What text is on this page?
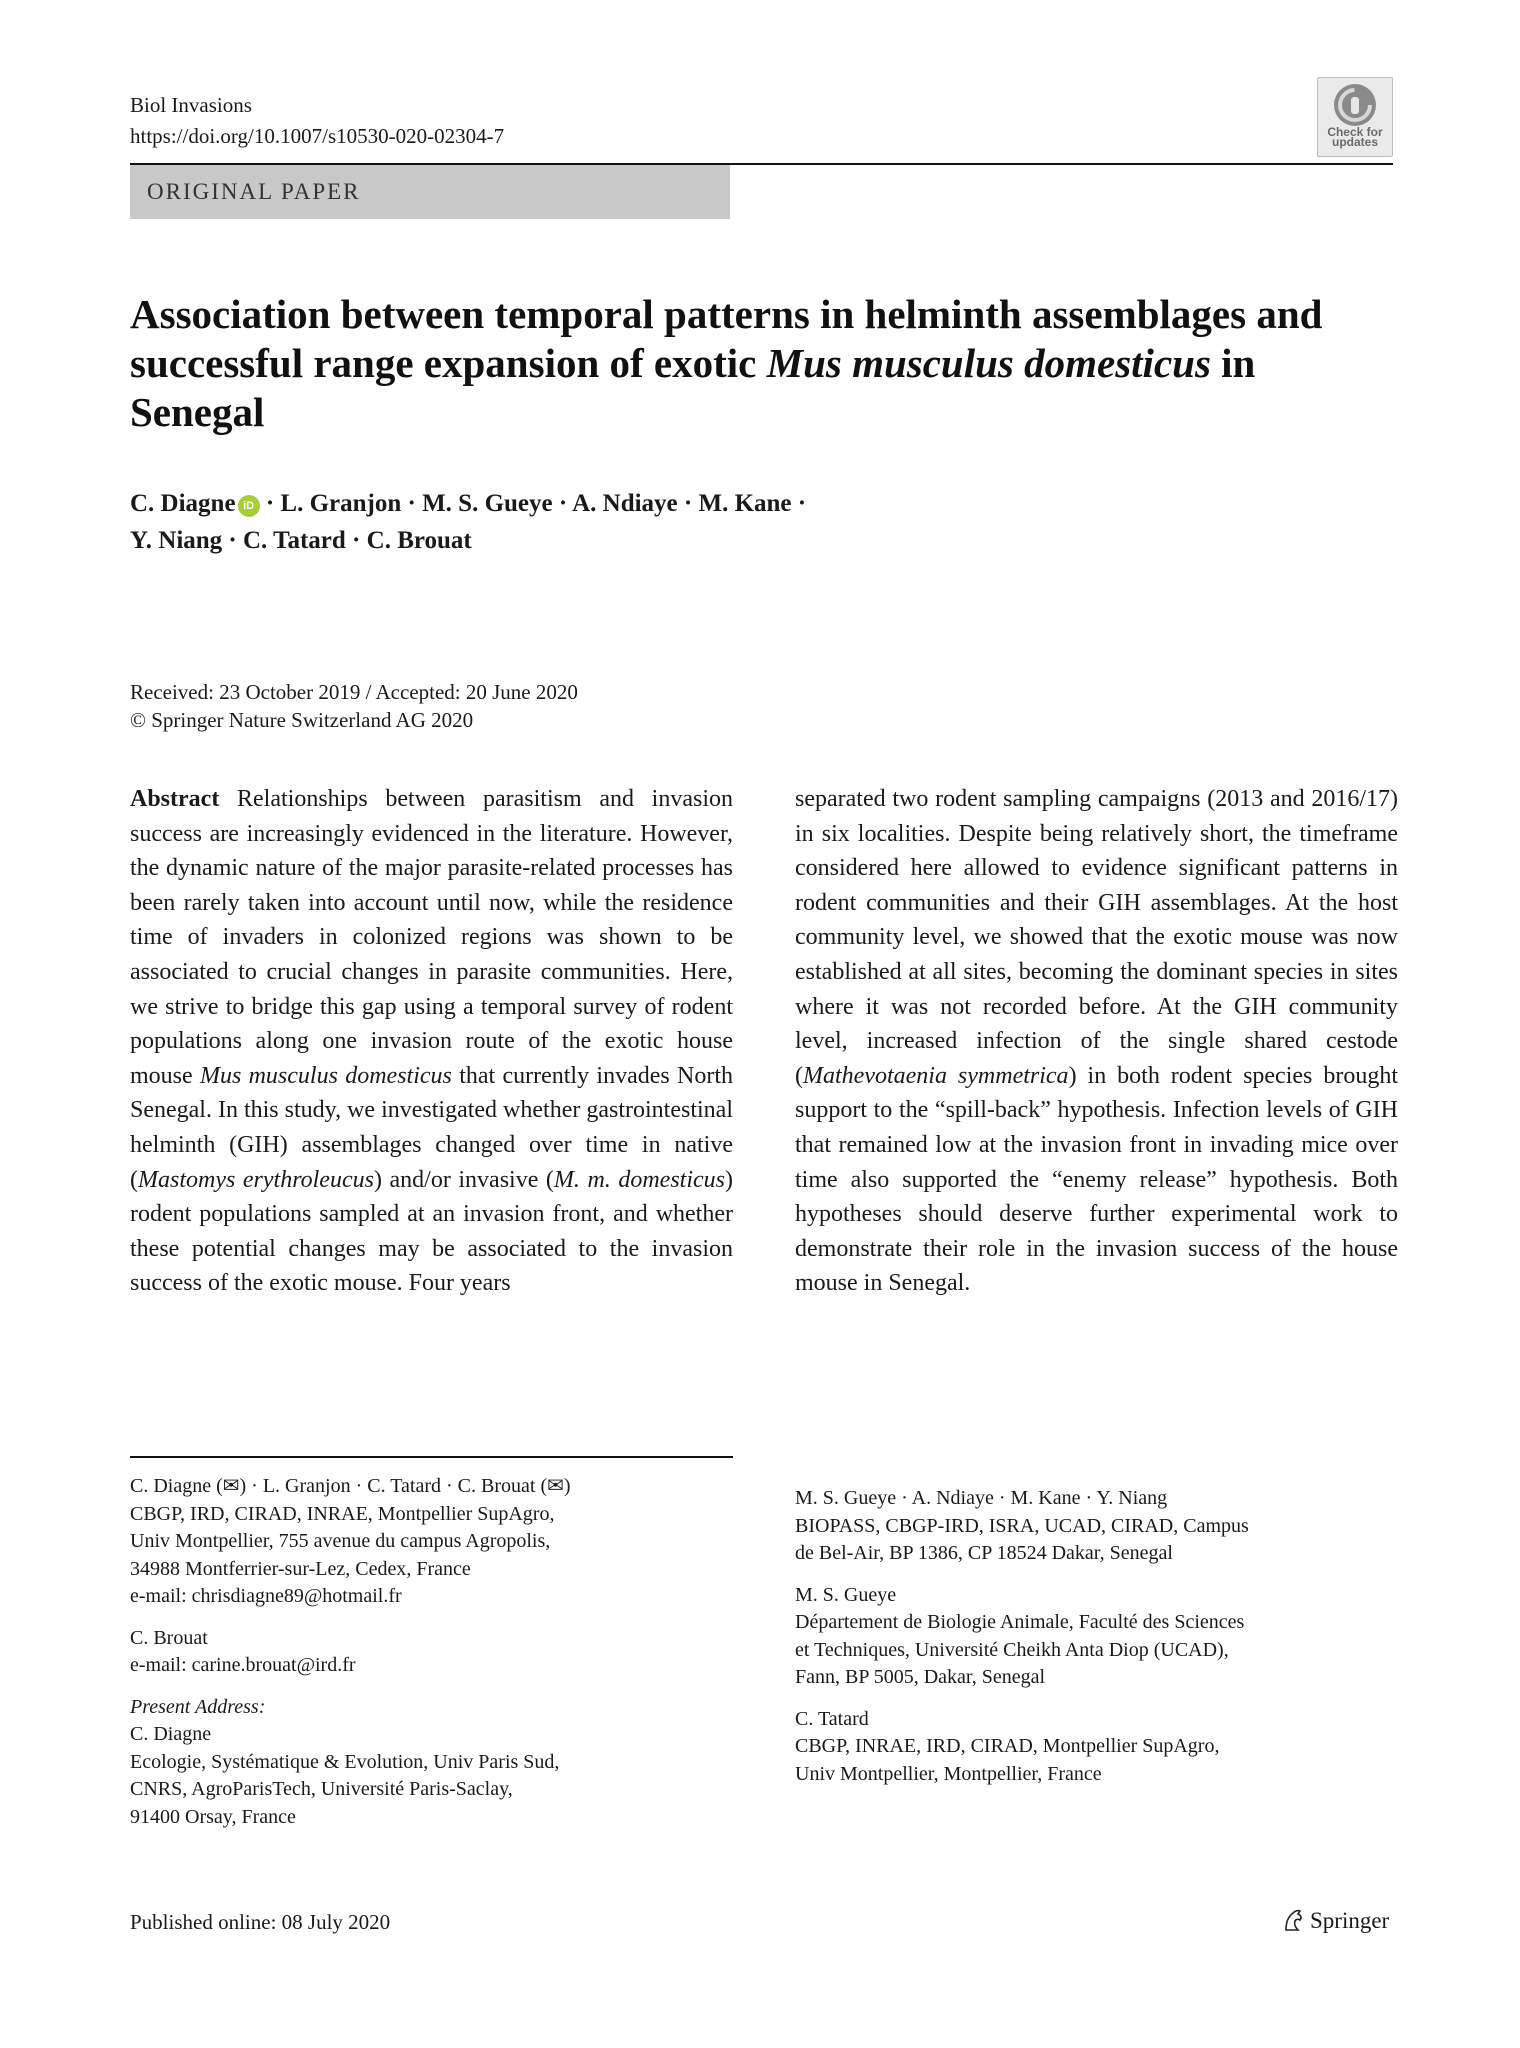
Biol Invasions
https://doi.org/10.1007/s10530-020-02304-7	Check for
updates
ORIGINAL PAPER
Association between temporal patterns in helminth assemblages and successful range expansion of exotic Mus musculus domesticus in Senegal
C. Diagne iD · L. Granjon · M. S. Gueye · A. Ndiaye · M. Kane ·
Y. Niang · C. Tatard · C. Brouat
Received: 23 October 2019 / Accepted: 20 June 2020
© Springer Nature Switzerland AG 2020
Abstract Relationships between parasitism and invasion success are increasingly evidenced in the literature. However, the dynamic nature of the major parasite-related processes has been rarely taken into account until now, while the residence time of invaders in colonized regions was shown to be associated to crucial changes in parasite communities. Here, we strive to bridge this gap using a temporal survey of rodent populations along one invasion route of the exotic house mouse Mus musculus domesticus that currently invades North Senegal. In this study, we investigated whether gastrointestinal helminth (GIH) assemblages changed over time in native (Mastomys erythroleucus) and/or invasive (M. m. domesticus) rodent populations sampled at an invasion front, and whether these potential changes may be associated to the invasion success of the exotic mouse. Four years
separated two rodent sampling campaigns (2013 and 2016/17) in six localities. Despite being relatively short, the timeframe considered here allowed to evidence significant patterns in rodent communities and their GIH assemblages. At the host community level, we showed that the exotic mouse was now established at all sites, becoming the dominant species in sites where it was not recorded before. At the GIH community level, increased infection of the single shared cestode (Mathevotaenia symmetrica) in both rodent species brought support to the “spill-back” hypothesis. Infection levels of GIH that remained low at the invasion front in invading mice over time also supported the “enemy release” hypothesis. Both hypotheses should deserve further experimental work to demonstrate their role in the invasion success of the house mouse in Senegal.

C. Diagne (✉) · L. Granjon · C. Tatard · C. Brouat (✉)

CBGP, IRD, CIRAD, INRAE, Montpellier SupAgro,

Univ Montpellier, 755 avenue du campus Agropolis,

34988 Montferrier-sur-Lez, Cedex, France

e-mail: chrisdiagne89@hotmail.fr

C. Brouat

e-mail: carine.brouat@ird.fr

Present Address:

C. Diagne

Ecologie, Systématique & Evolution, Univ Paris Sud,

CNRS, AgroParisTech, Université Paris-Saclay,

91400 Orsay, France

M. S. Gueye · A. Ndiaye · M. Kane · Y. Niang

BIOPASS, CBGP-IRD, ISRA, UCAD, CIRAD, Campus

de Bel-Air, BP 1386, CP 18524 Dakar, Senegal

M. S. Gueye

Département de Biologie Animale, Faculté des Sciences

et Techniques, Université Cheikh Anta Diop (UCAD),

Fann, BP 5005, Dakar, Senegal

C. Tatard

CBGP, INRAE, IRD, CIRAD, Montpellier SupAgro,

Univ Montpellier, Montpellier, France

Published online: 08 July 2020	Springer
